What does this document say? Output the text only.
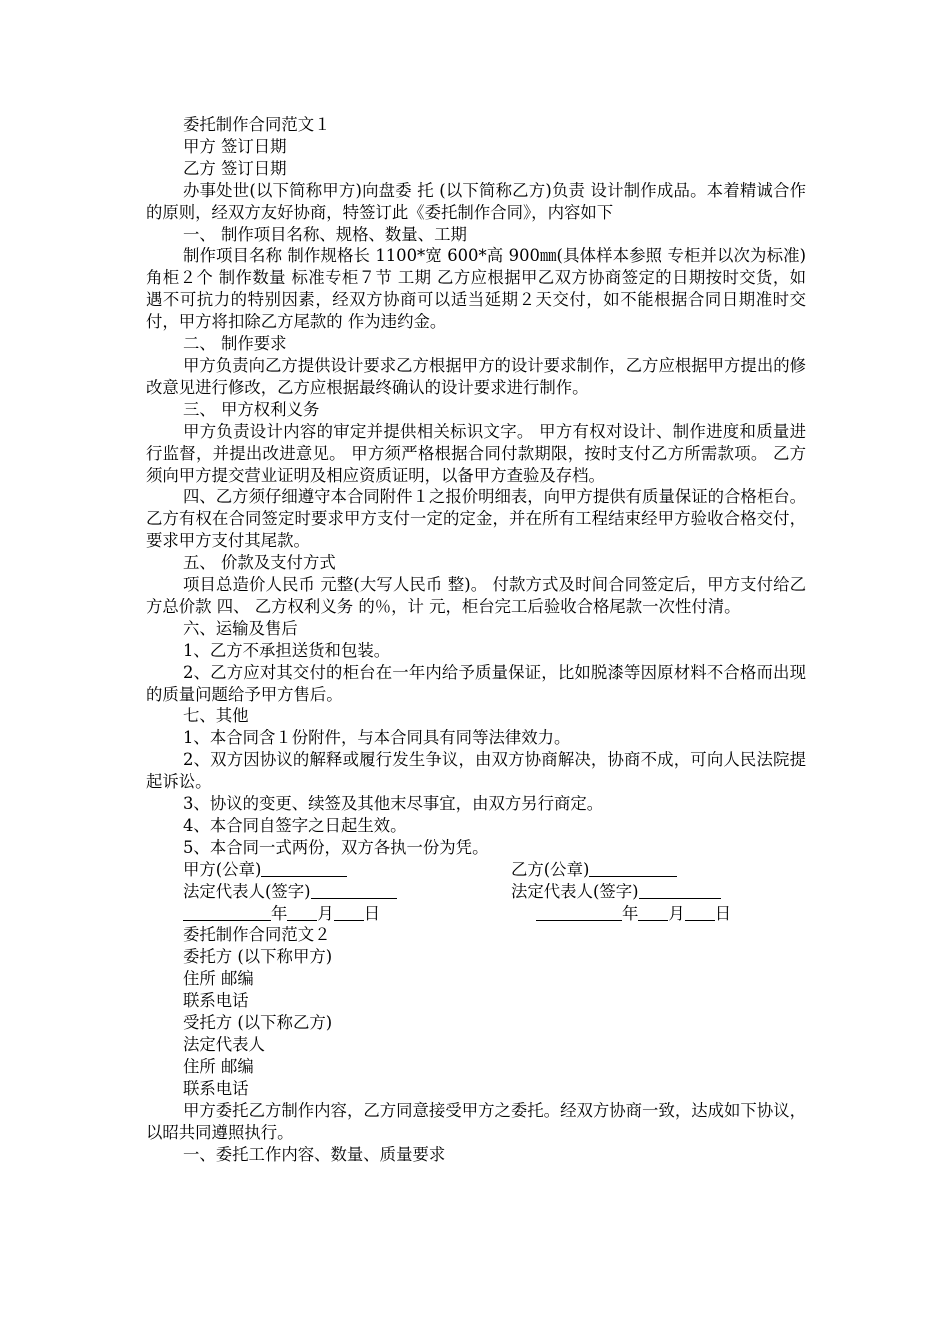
委托制作合同范文１

甲方 签订日期

乙方 签订日期

办事处世(以下简称甲方)向盘委 托 (以下简称乙方)负责 设计制作成品。本着精诚合作的原则，经双方友好协商，特签订此《委托制作合同》，内容如下

一、 制作项目名称、规格、数量、工期

制作项目名称 制作规格长 1100*宽 600*高 900㎜(具体样本参照 专柜并以次为标准)角柜２个 制作数量 标准专柜７节 工期 乙方应根据甲乙双方协商签定的日期按时交货，如遇不可抗力的特别因素，经双方协商可以适当延期２天交付，如不能根据合同日期准时交付，甲方将扣除乙方尾款的 作为违约金。

二、 制作要求

甲方负责向乙方提供设计要求乙方根据甲方的设计要求制作，乙方应根据甲方提出的修改意见进行修改，乙方应根据最终确认的设计要求进行制作。

三、 甲方权利义务

甲方负责设计内容的审定并提供相关标识文字。 甲方有权对设计、制作进度和质量进行监督，并提出改进意见。 甲方须严格根据合同付款期限，按时支付乙方所需款项。 乙方须向甲方提交营业证明及相应资质证明，以备甲方查验及存档。

四、乙方须仔细遵守本合同附件１之报价明细表，向甲方提供有质量保证的合格柜台。 乙方有权在合同签定时要求甲方支付一定的定金，并在所有工程结束经甲方验收合格交付，要求甲方支付其尾款。

五、 价款及支付方式

项目总造价人民币 元整(大写人民币 整)。 付款方式及时间合同签定后，甲方支付给乙方总价款 四、 乙方权利义务 的％，计 元，柜台完工后验收合格尾款一次性付清。

六、运输及售后

1、乙方不承担送货和包装。

2、乙方应对其交付的柜台在一年内给予质量保证，比如脱漆等因原材料不合格而出现的质量问题给予甲方售后。

七、其他

1、本合同含１份附件，与本合同具有同等法律效力。

2、双方因协议的解释或履行发生争议，由双方协商解决，协商不成，可向人民法院提起诉讼。

3、协议的变更、续签及其他末尽事宜，由双方另行商定。

4、本合同自签字之日起生效。

5、本合同一式两份，双方各执一份为凭。

甲方(公章)	乙方(公章)
法定代表人(签字)	法定代表人(签字)
年 月 日	年 月 日

委托制作合同范文２

委托方 (以下称甲方)

住所 邮编

联系电话

受托方 (以下称乙方)

法定代表人

住所 邮编

联系电话

甲方委托乙方制作内容，乙方同意接受甲方之委托。经双方协商一致，达成如下协议，以昭共同遵照执行。

一、委托工作内容、数量、质量要求
